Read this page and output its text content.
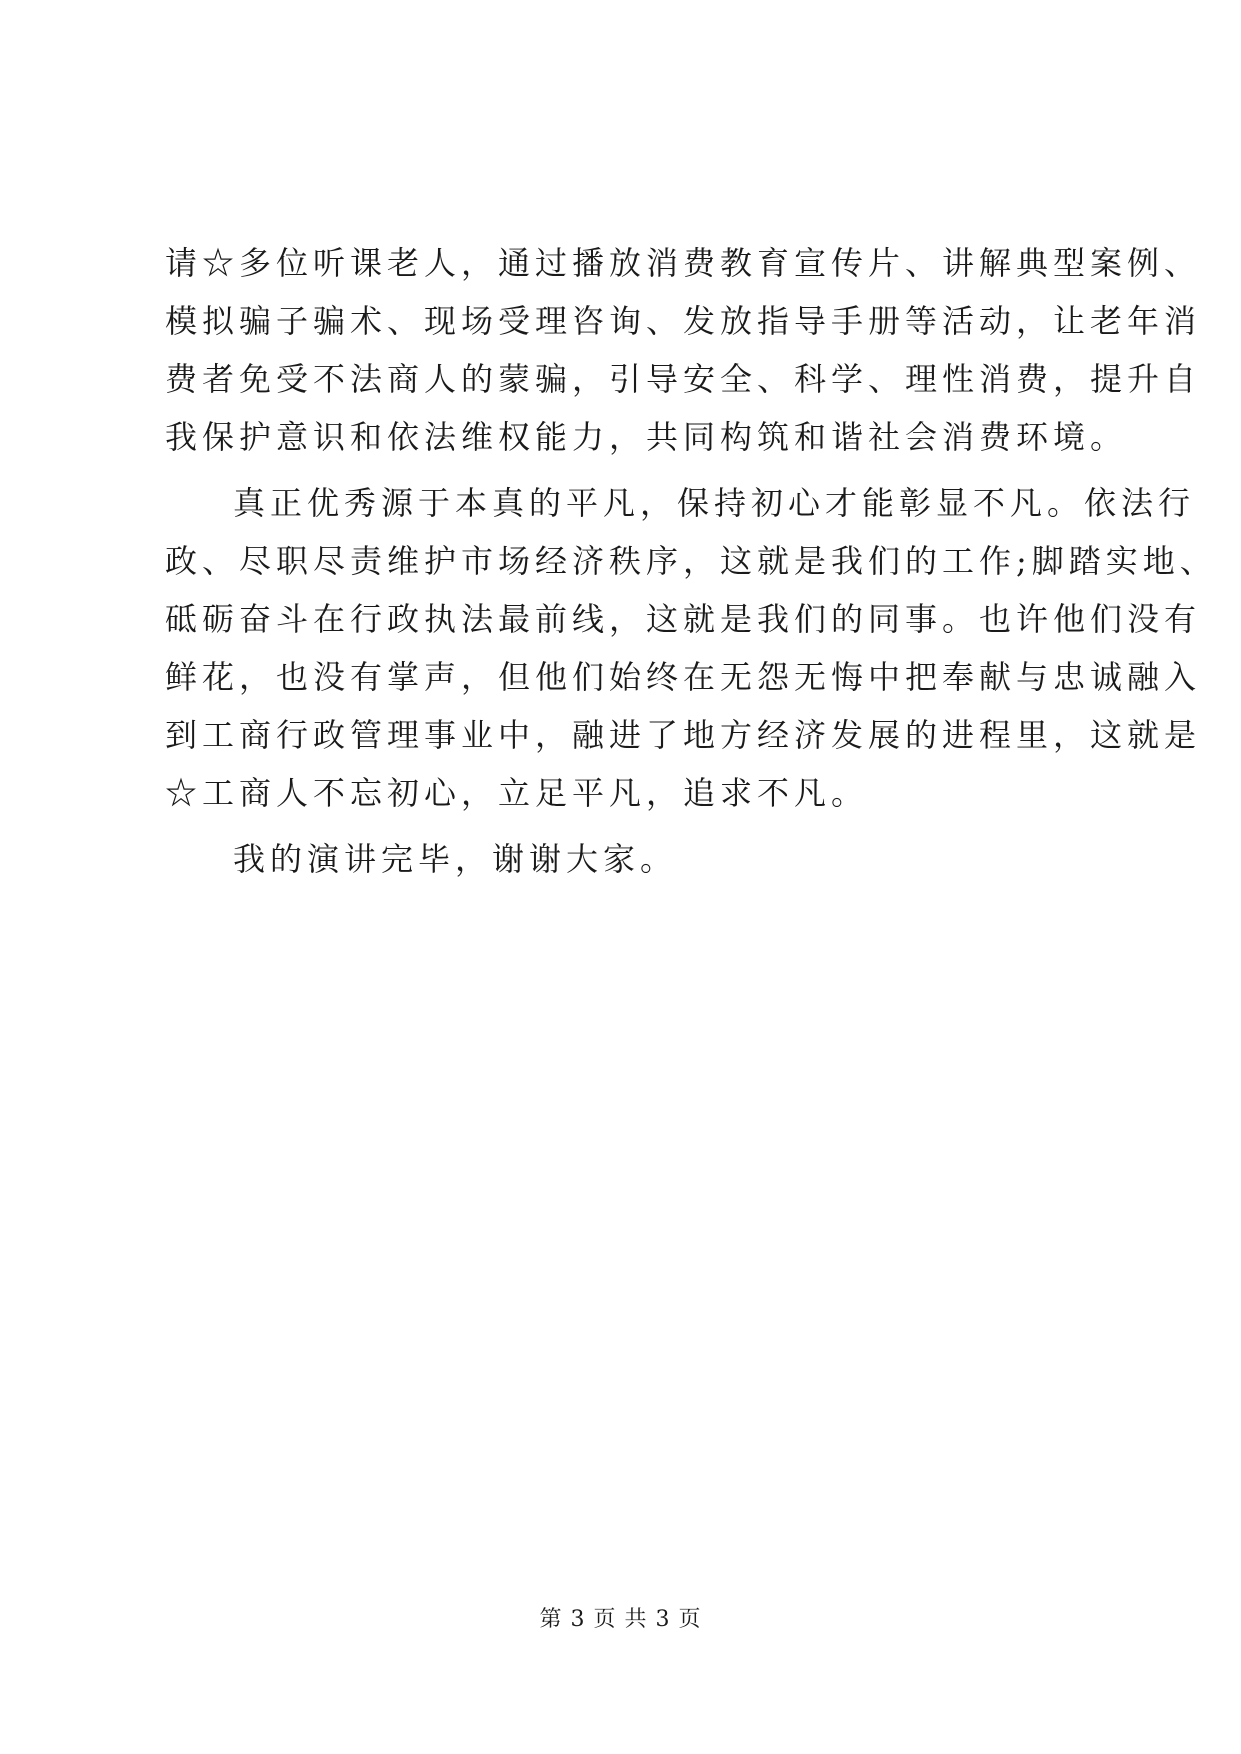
请☆多位听课老人，通过播放消费教育宣传片、讲解典型案例、
模拟骗子骗术、现场受理咨询、发放指导手册等活动，让老年消
费者免受不法商人的蒙骗，引导安全、科学、理性消费，提升自
我保护意识和依法维权能力，共同构筑和谐社会消费环境。
真正优秀源于本真的平凡，保持初心才能彰显不凡。依法行
政、尽职尽责维护市场经济秩序，这就是我们的工作;脚踏实地、
砥砺奋斗在行政执法最前线，这就是我们的同事。也许他们没有
鲜花，也没有掌声，但他们始终在无怨无悔中把奉献与忠诚融入
到工商行政管理事业中，融进了地方经济发展的进程里，这就是
☆工商人不忘初心，立足平凡，追求不凡。
我的演讲完毕，谢谢大家。
第 3 页 共 3 页
